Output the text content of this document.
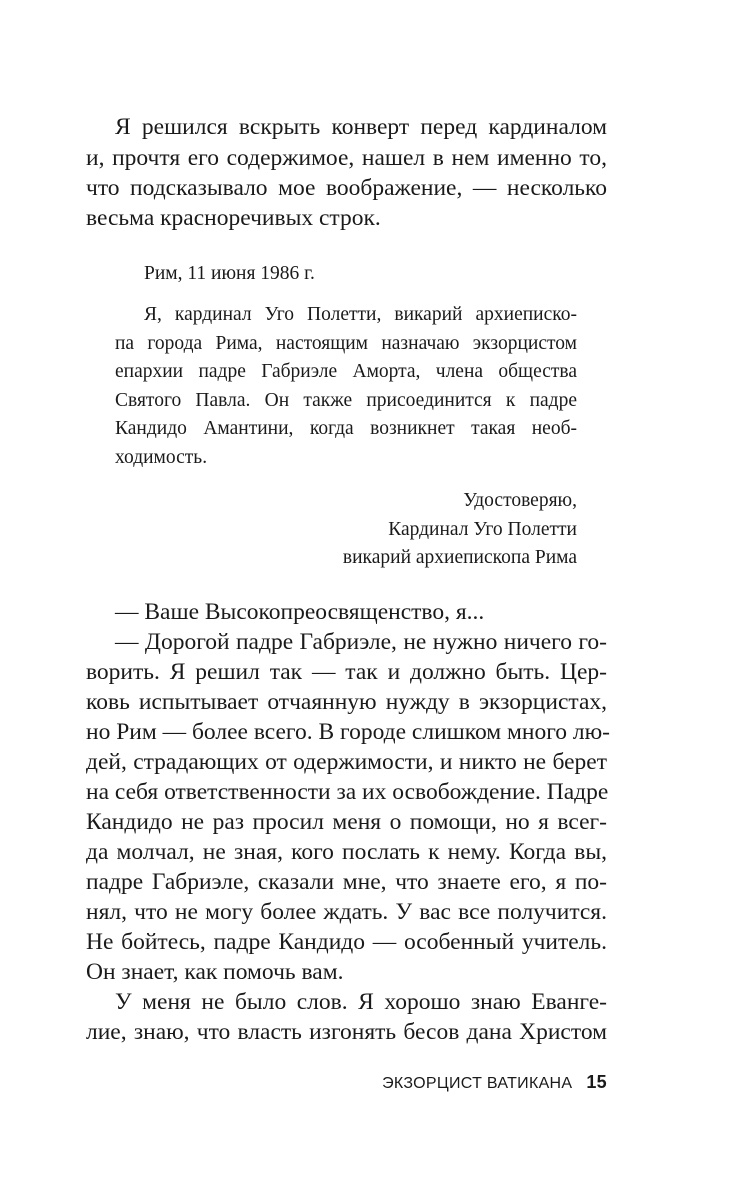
Я решился вскрыть конверт перед кардиналом
и, прочтя его содержимое, нашел в нем именно то,
что подсказывало мое воображение, — несколько
весьма красноречивых строк.
Рим, 11 июня 1986 г.
Я, кардинал Уго Полетти, викарий архиеписко-
па города Рима, настоящим назначаю экзорцистом
епархии падре Габриэле Аморта, члена общества
Святого Павла. Он также присоединится к падре
Кандидо Амантини, когда возникнет такая необ-
ходимость.
Удостоверяю,
Кардинал Уго Полетти
викарий архиепископа Рима
— Ваше Высокопреосвященство, я...
— Дорогой падре Габриэле, не нужно ничего го-
ворить. Я решил так — так и должно быть. Цер-
ковь испытывает отчаянную нужду в экзорцистах,
но Рим — более всего. В городе слишком много лю-
дей, страдающих от одержимости, и никто не берет
на себя ответственности за их освобождение. Падре
Кандидо не раз просил меня о помощи, но я всег-
да молчал, не зная, кого послать к нему. Когда вы,
падре Габриэле, сказали мне, что знаете его, я по-
нял, что не могу более ждать. У вас все получится.
Не бойтесь, падре Кандидо — особенный учитель.
Он знает, как помочь вам.
У меня не было слов. Я хорошо знаю Еванге-
лие, знаю, что власть изгонять бесов дана Христом
ЭКЗОРЦИСТ ВАТИКАНА 15
